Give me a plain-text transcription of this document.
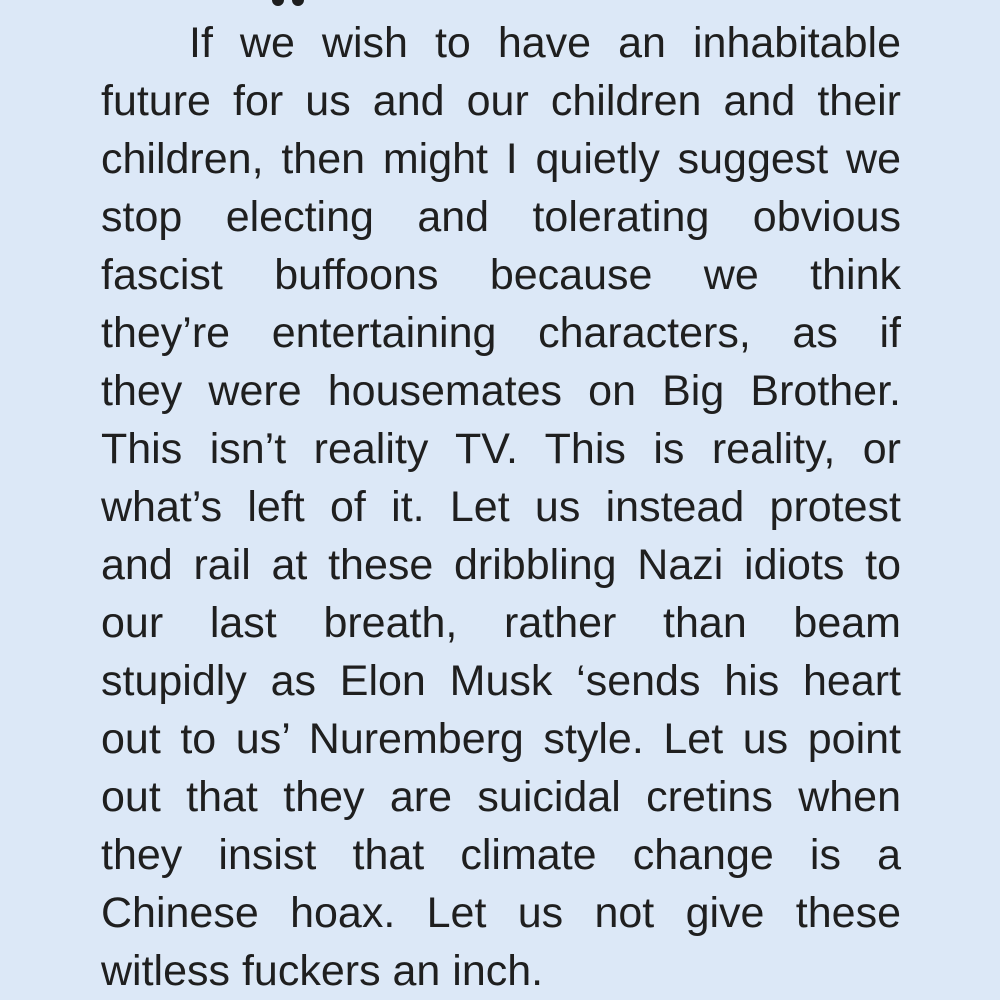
If we wish to have an inhabitable
future for us and our children and their
children, then might I quietly suggest we
stop electing and tolerating obvious
fascist buffoons because we think
they’re entertaining characters, as if
they were housemates on Big Brother.
This isn’t reality TV. This is reality, or
what’s left of it. Let us instead protest
and rail at these dribbling Nazi idiots to
our last breath, rather than beam
stupidly as Elon Musk ‘sends his heart
out to us’ Nuremberg style. Let us point
out that they are suicidal cretins when
they insist that climate change is a
Chinese hoax. Let us not give these
witless fuckers an inch.
